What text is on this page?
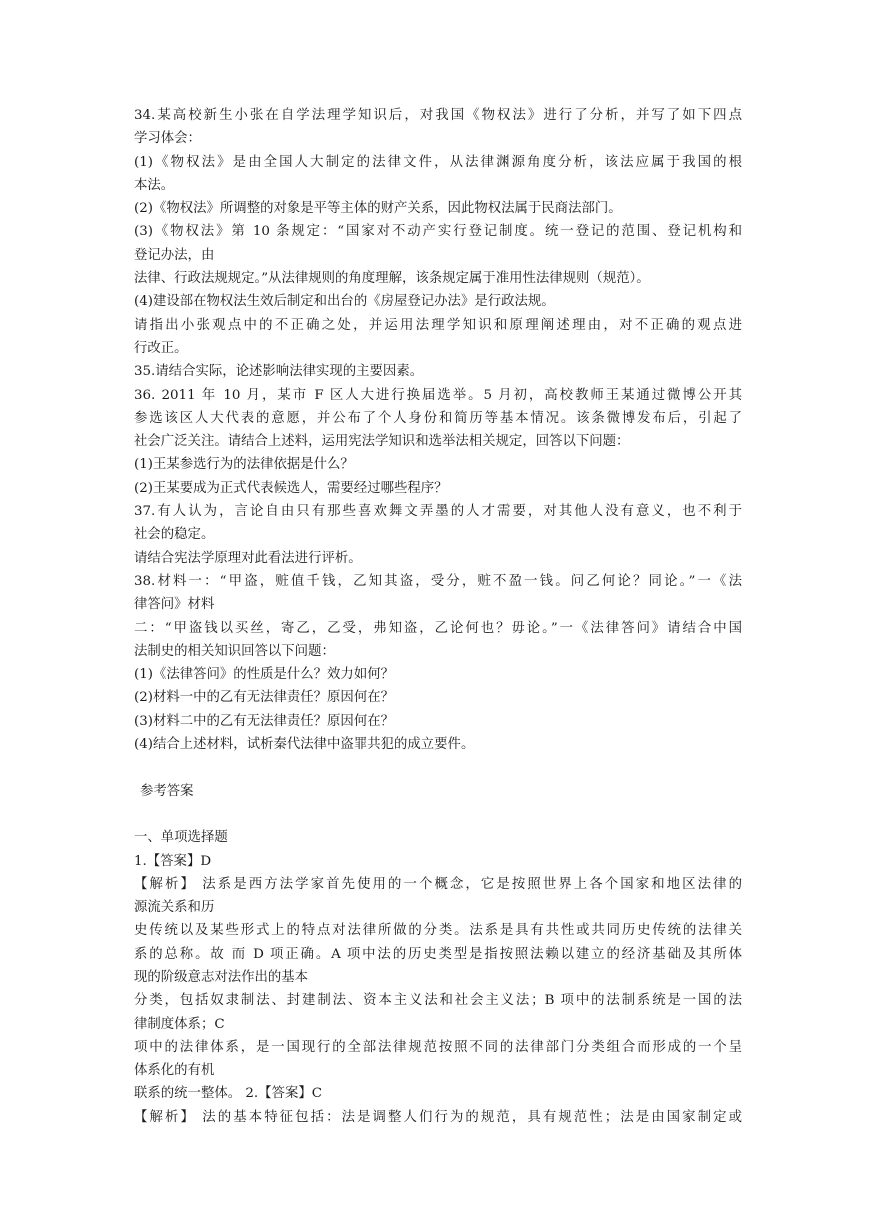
34.某高校新生小张在自学法理学知识后，对我国《物权法》进行了分析，并写了如下四点
学习体会：
(1)《物权法》是由全国人大制定的法律文件，从法律渊源角度分析，该法应属于我国的根
本法。
(2)《物权法》所调整的对象是平等主体的财产关系，因此物权法属于民商法部门。
(3)《物权法》第 10 条规定：“国家对不动产实行登记制度。统一登记的范围、登记机构和
登记办法，由
法律、行政法规规定。”从法律规则的角度理解，该条规定属于准用性法律规则（规范）。
(4)建设部在物权法生效后制定和出台的《房屋登记办法》是行政法规。
请指出小张观点中的不正确之处，并运用法理学知识和原理阐述理由，对不正确的观点进
行改正。
35.请结合实际，论述影响法律实现的主要因素。
36. 2011 年 10 月，某市 F 区人大进行换届选举。5 月初，高校教师王某通过微博公开其
参选该区人大代表的意愿，并公布了个人身份和简历等基本情况。该条微博发布后，引起了
社会广泛关注。请结合上述料，运用宪法学知识和选举法相关规定，回答以下问题：
(1)王某参选行为的法律依据是什么？
(2)王某要成为正式代表候选人，需要经过哪些程序？
37.有人认为，言论自由只有那些喜欢舞文弄墨的人才需要，对其他人没有意义，也不利于
社会的稳定。
请结合宪法学原理对此看法进行评析。
38.材料一：“甲盗，赃值千钱，乙知其盗，受分，赃不盈一钱。问乙何论？同论。”一《法
律答问》材料
二：“甲盗钱以买丝，寄乙，乙受，弗知盗，乙论何也？毋论。”一《法律答问》请结合中国
法制史的相关知识回答以下问题：
(1)《法律答问》的性质是什么？效力如何？
(2)材料一中的乙有无法律责任？原因何在？
(3)材料二中的乙有无法律责任？原因何在？
(4)结合上述材料，试析秦代法律中盗罪共犯的成立要件。
参考答案
一、单项选择题
1.【答案】D
【解析】 法系是西方法学家首先使用的一个概念，它是按照世界上各个国家和地区法律的
源流关系和历
史传统以及某些形式上的特点对法律所做的分类。法系是具有共性或共同历史传统的法律关
系的总称。故 而 D 项正确。A 项中法的历史类型是指按照法赖以建立的经济基础及其所体
现的阶级意志对法作出的基本
分类，包括奴隶制法、封建制法、资本主义法和社会主义法；B 项中的法制系统是一国的法
律制度体系；C
项中的法律体系，是一国现行的全部法律规范按照不同的法律部门分类组合而形成的一个呈
体系化的有机
联系的统一整体。 2.【答案】C
【解析】 法的基本特征包括：法是调整人们行为的规范，具有规范性；法是由国家制定或
